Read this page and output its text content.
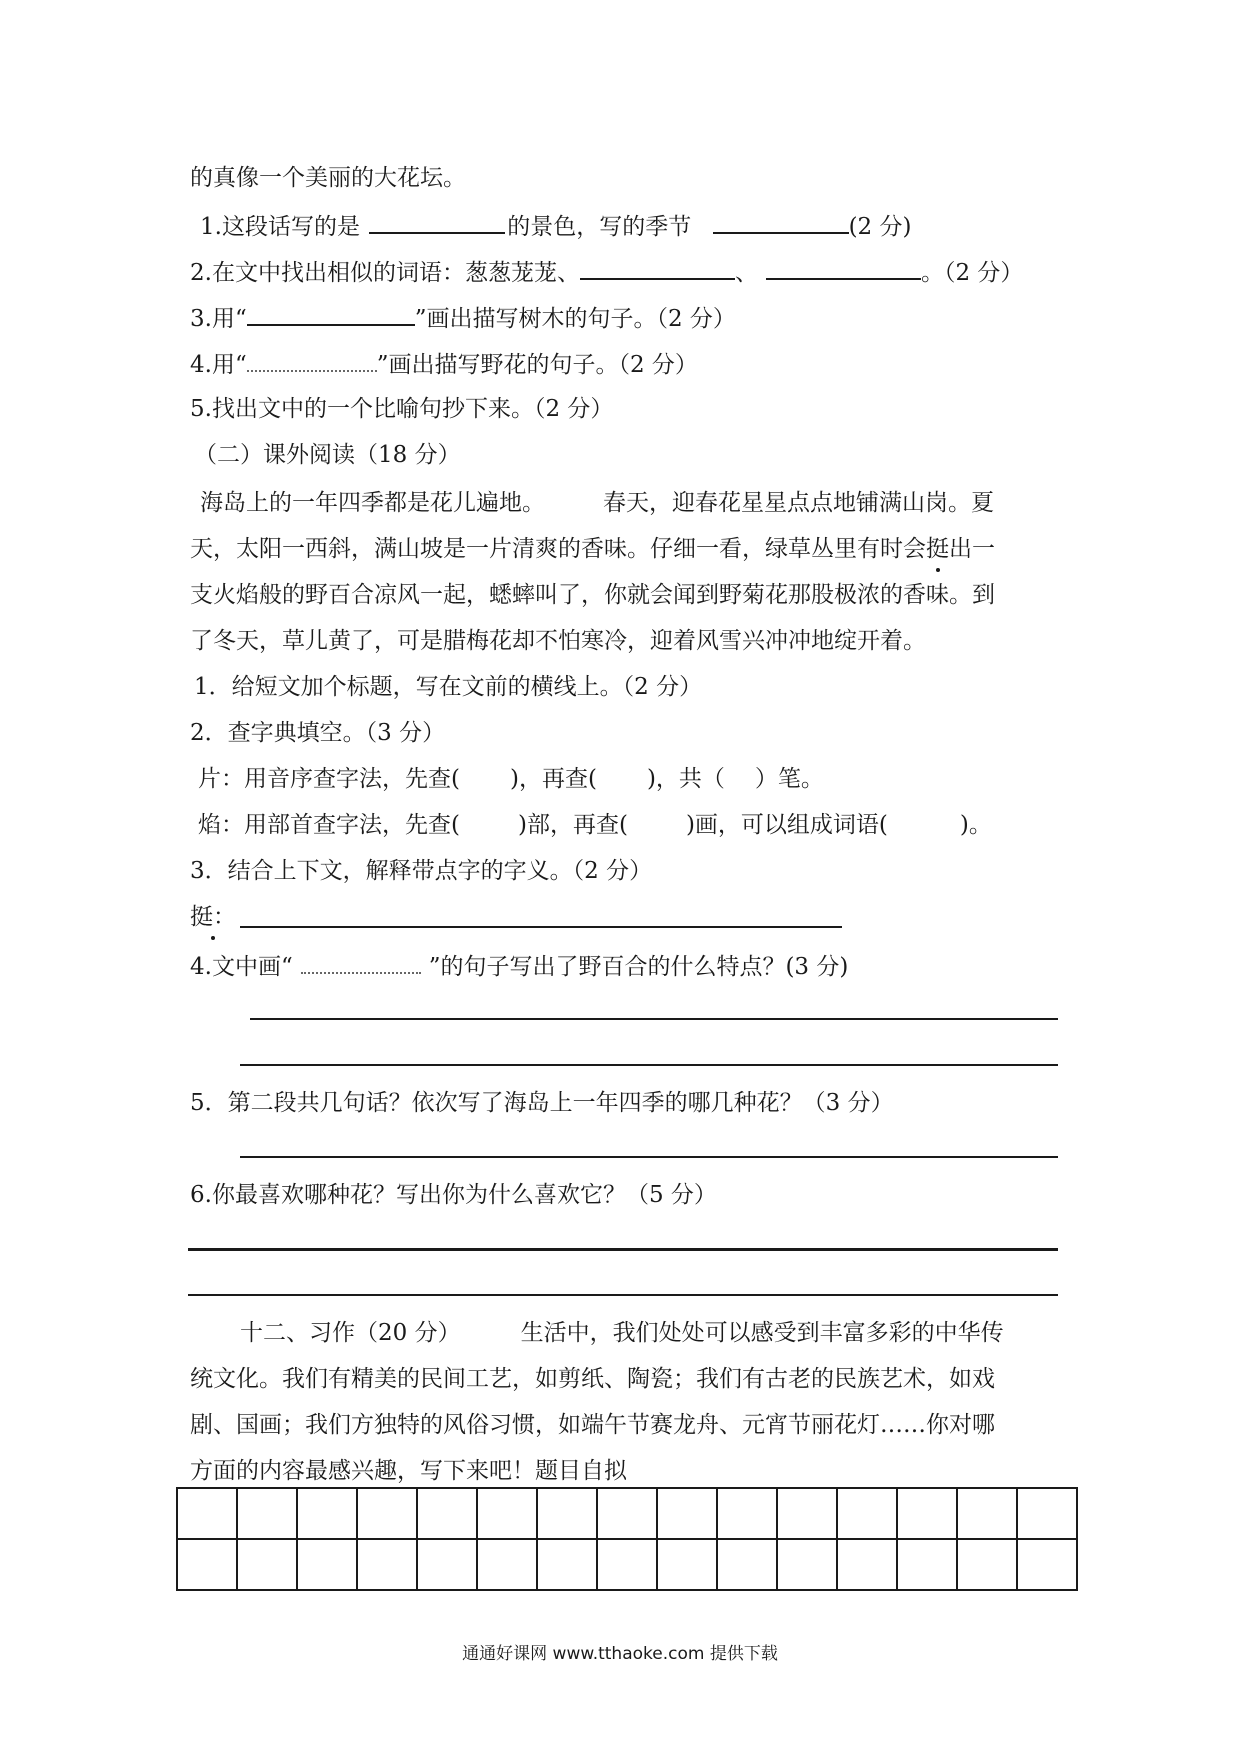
的真像一个美丽的大花坛。
1.这段话写的是	的景色，写的季节	(2 分)
2.在文中找出相似的词语：葱葱茏茏、	、	。（2 分）
3.用“	”画出描写树木的句子。（2 分）
4.用“	”画出描写野花的句子。（2 分）
5.找出文中的一个比喻句抄下来。（2 分）
（二）课外阅读（18 分）
海岛上的一年四季都是花儿遍地。	春天，迎春花星星点点地铺满山岗。夏
天，太阳一西斜，满山坡是一片清爽的香味。仔细一看，绿草丛里有时会挺出一
支火焰般的野百合凉风一起，蟋蟀叫了，你就会闻到野菊花那股极浓的香味。到
了冬天，草儿黄了，可是腊梅花却不怕寒冷，迎着风雪兴冲冲地绽开着。
1．给短文加个标题，写在文前的横线上。（2 分）
2．查字典填空。（3 分）
片：用音序查字法，先查( )，再查( )，共（ ）笔。
焰：用部首查字法，先查(	)部，再查(	)画，可以组成词语(	)。
3．结合上下文，解释带点字的字义。（2 分）
挺：
4.文中画“	”的句子写出了野百合的什么特点？(3 分)
5．第二段共几句话？依次写了海岛上一年四季的哪几种花？（3 分）
6.你最喜欢哪种花？写出你为什么喜欢它？（5 分）
十二、习作（20 分）	生活中，我们处处可以感受到丰富多彩的中华传
统文化。我们有精美的民间工艺，如剪纸、陶瓷；我们有古老的民族艺术，如戏
剧、国画；我们方独特的风俗习惯，如端午节赛龙舟、元宵节丽花灯……你对哪
方面的内容最感兴趣，写下来吧！题目自拟

通通好课网 www.tthaoke.com 提供下载
